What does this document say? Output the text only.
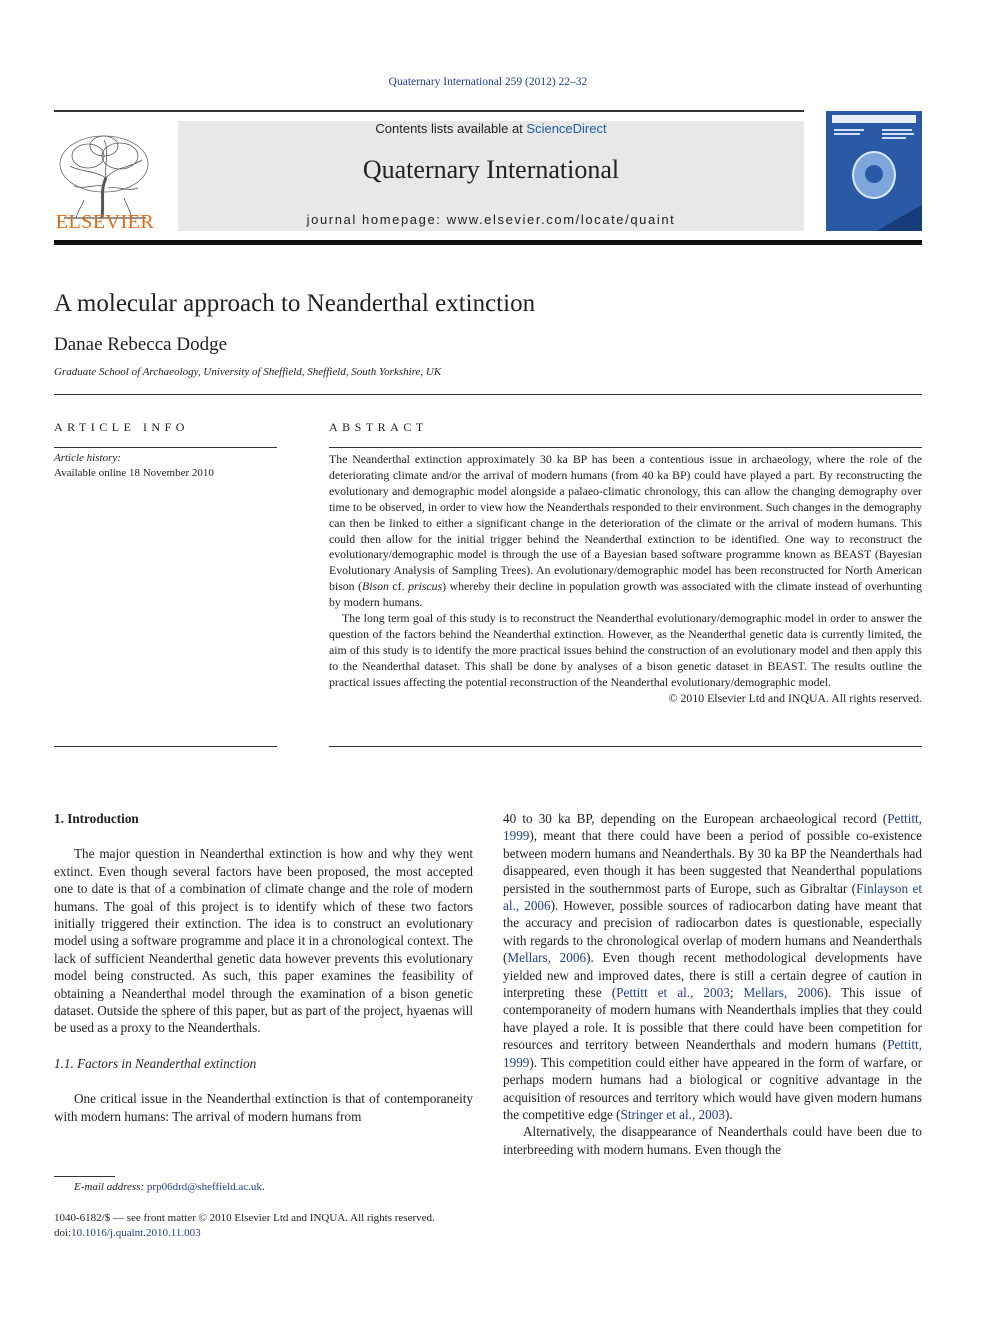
Quaternary International 259 (2012) 22–32
ELSEVIER
Contents lists available at ScienceDirect
Quaternary International
journal homepage: www.elsevier.com/locate/quaint
A molecular approach to Neanderthal extinction
Danae Rebecca Dodge
Graduate School of Archaeology, University of Sheffield, Sheffield, South Yorkshire, UK
ARTICLE INFO	ABSTRACT
Article history:
Available online 18 November 2010

The Neanderthal extinction approximately 30 ka BP has been a contentious issue in archaeology, where the role of the deteriorating climate and/or the arrival of modern humans (from 40 ka BP) could have played a part. By reconstructing the evolutionary and demographic model alongside a palaeo-climatic chronology, this can allow the changing demography over time to be observed, in order to view how the Neanderthals responded to their environment. Such changes in the demography can then be linked to either a significant change in the deterioration of the climate or the arrival of modern humans. This could then allow for the initial trigger behind the Neanderthal extinction to be identified. One way to reconstruct the evolutionary/demographic model is through the use of a Bayesian based software programme known as BEAST (Bayesian Evolutionary Analysis of Sampling Trees). An evolutionary/demographic model has been reconstructed for North American bison (Bison cf. priscus) whereby their decline in population growth was associated with the climate instead of overhunting by modern humans.

The long term goal of this study is to reconstruct the Neanderthal evolutionary/demographic model in order to answer the question of the factors behind the Neanderthal extinction. However, as the Neanderthal genetic data is currently limited, the aim of this study is to identify the more practical issues behind the construction of an evolutionary model and then apply this to the Neanderthal dataset. This shall be done by analyses of a bison genetic dataset in BEAST. The results outline the practical issues affecting the potential reconstruction of the Neanderthal evolutionary/demographic model.

© 2010 Elsevier Ltd and INQUA. All rights reserved.

1. Introduction

The major question in Neanderthal extinction is how and why they went extinct. Even though several factors have been proposed, the most accepted one to date is that of a combination of climate change and the role of modern humans. The goal of this project is to identify which of these two factors initially triggered their extinction. The idea is to construct an evolutionary model using a software programme and place it in a chronological context. The lack of sufficient Neanderthal genetic data however prevents this evolutionary model being constructed. As such, this paper examines the feasibility of obtaining a Neanderthal model through the examination of a bison genetic dataset. Outside the sphere of this paper, but as part of the project, hyaenas will be used as a proxy to the Neanderthals.

1.1. Factors in Neanderthal extinction

One critical issue in the Neanderthal extinction is that of contemporaneity with modern humans: The arrival of modern humans from

40 to 30 ka BP, depending on the European archaeological record (Pettitt, 1999), meant that there could have been a period of possible co-existence between modern humans and Neanderthals. By 30 ka BP the Neanderthals had disappeared, even though it has been suggested that Neanderthal populations persisted in the southernmost parts of Europe, such as Gibraltar (Finlayson et al., 2006). However, possible sources of radiocarbon dating have meant that the accuracy and precision of radiocarbon dates is questionable, especially with regards to the chronological overlap of modern humans and Neanderthals (Mellars, 2006). Even though recent methodological developments have yielded new and improved dates, there is still a certain degree of caution in interpreting these (Pettitt et al., 2003; Mellars, 2006). This issue of contemporaneity of modern humans with Neanderthals implies that they could have played a role. It is possible that there could have been competition for resources and territory between Neanderthals and modern humans (Pettitt, 1999). This competition could either have appeared in the form of warfare, or perhaps modern humans had a biological or cognitive advantage in the acquisition of resources and territory which would have given modern humans the competitive edge (Stringer et al., 2003).

Alternatively, the disappearance of Neanderthals could have been due to interbreeding with modern humans. Even though the

E-mail address: prp06drd@sheffield.ac.uk.
1040-6182/$ — see front matter © 2010 Elsevier Ltd and INQUA. All rights reserved.
doi:10.1016/j.quaint.2010.11.003
